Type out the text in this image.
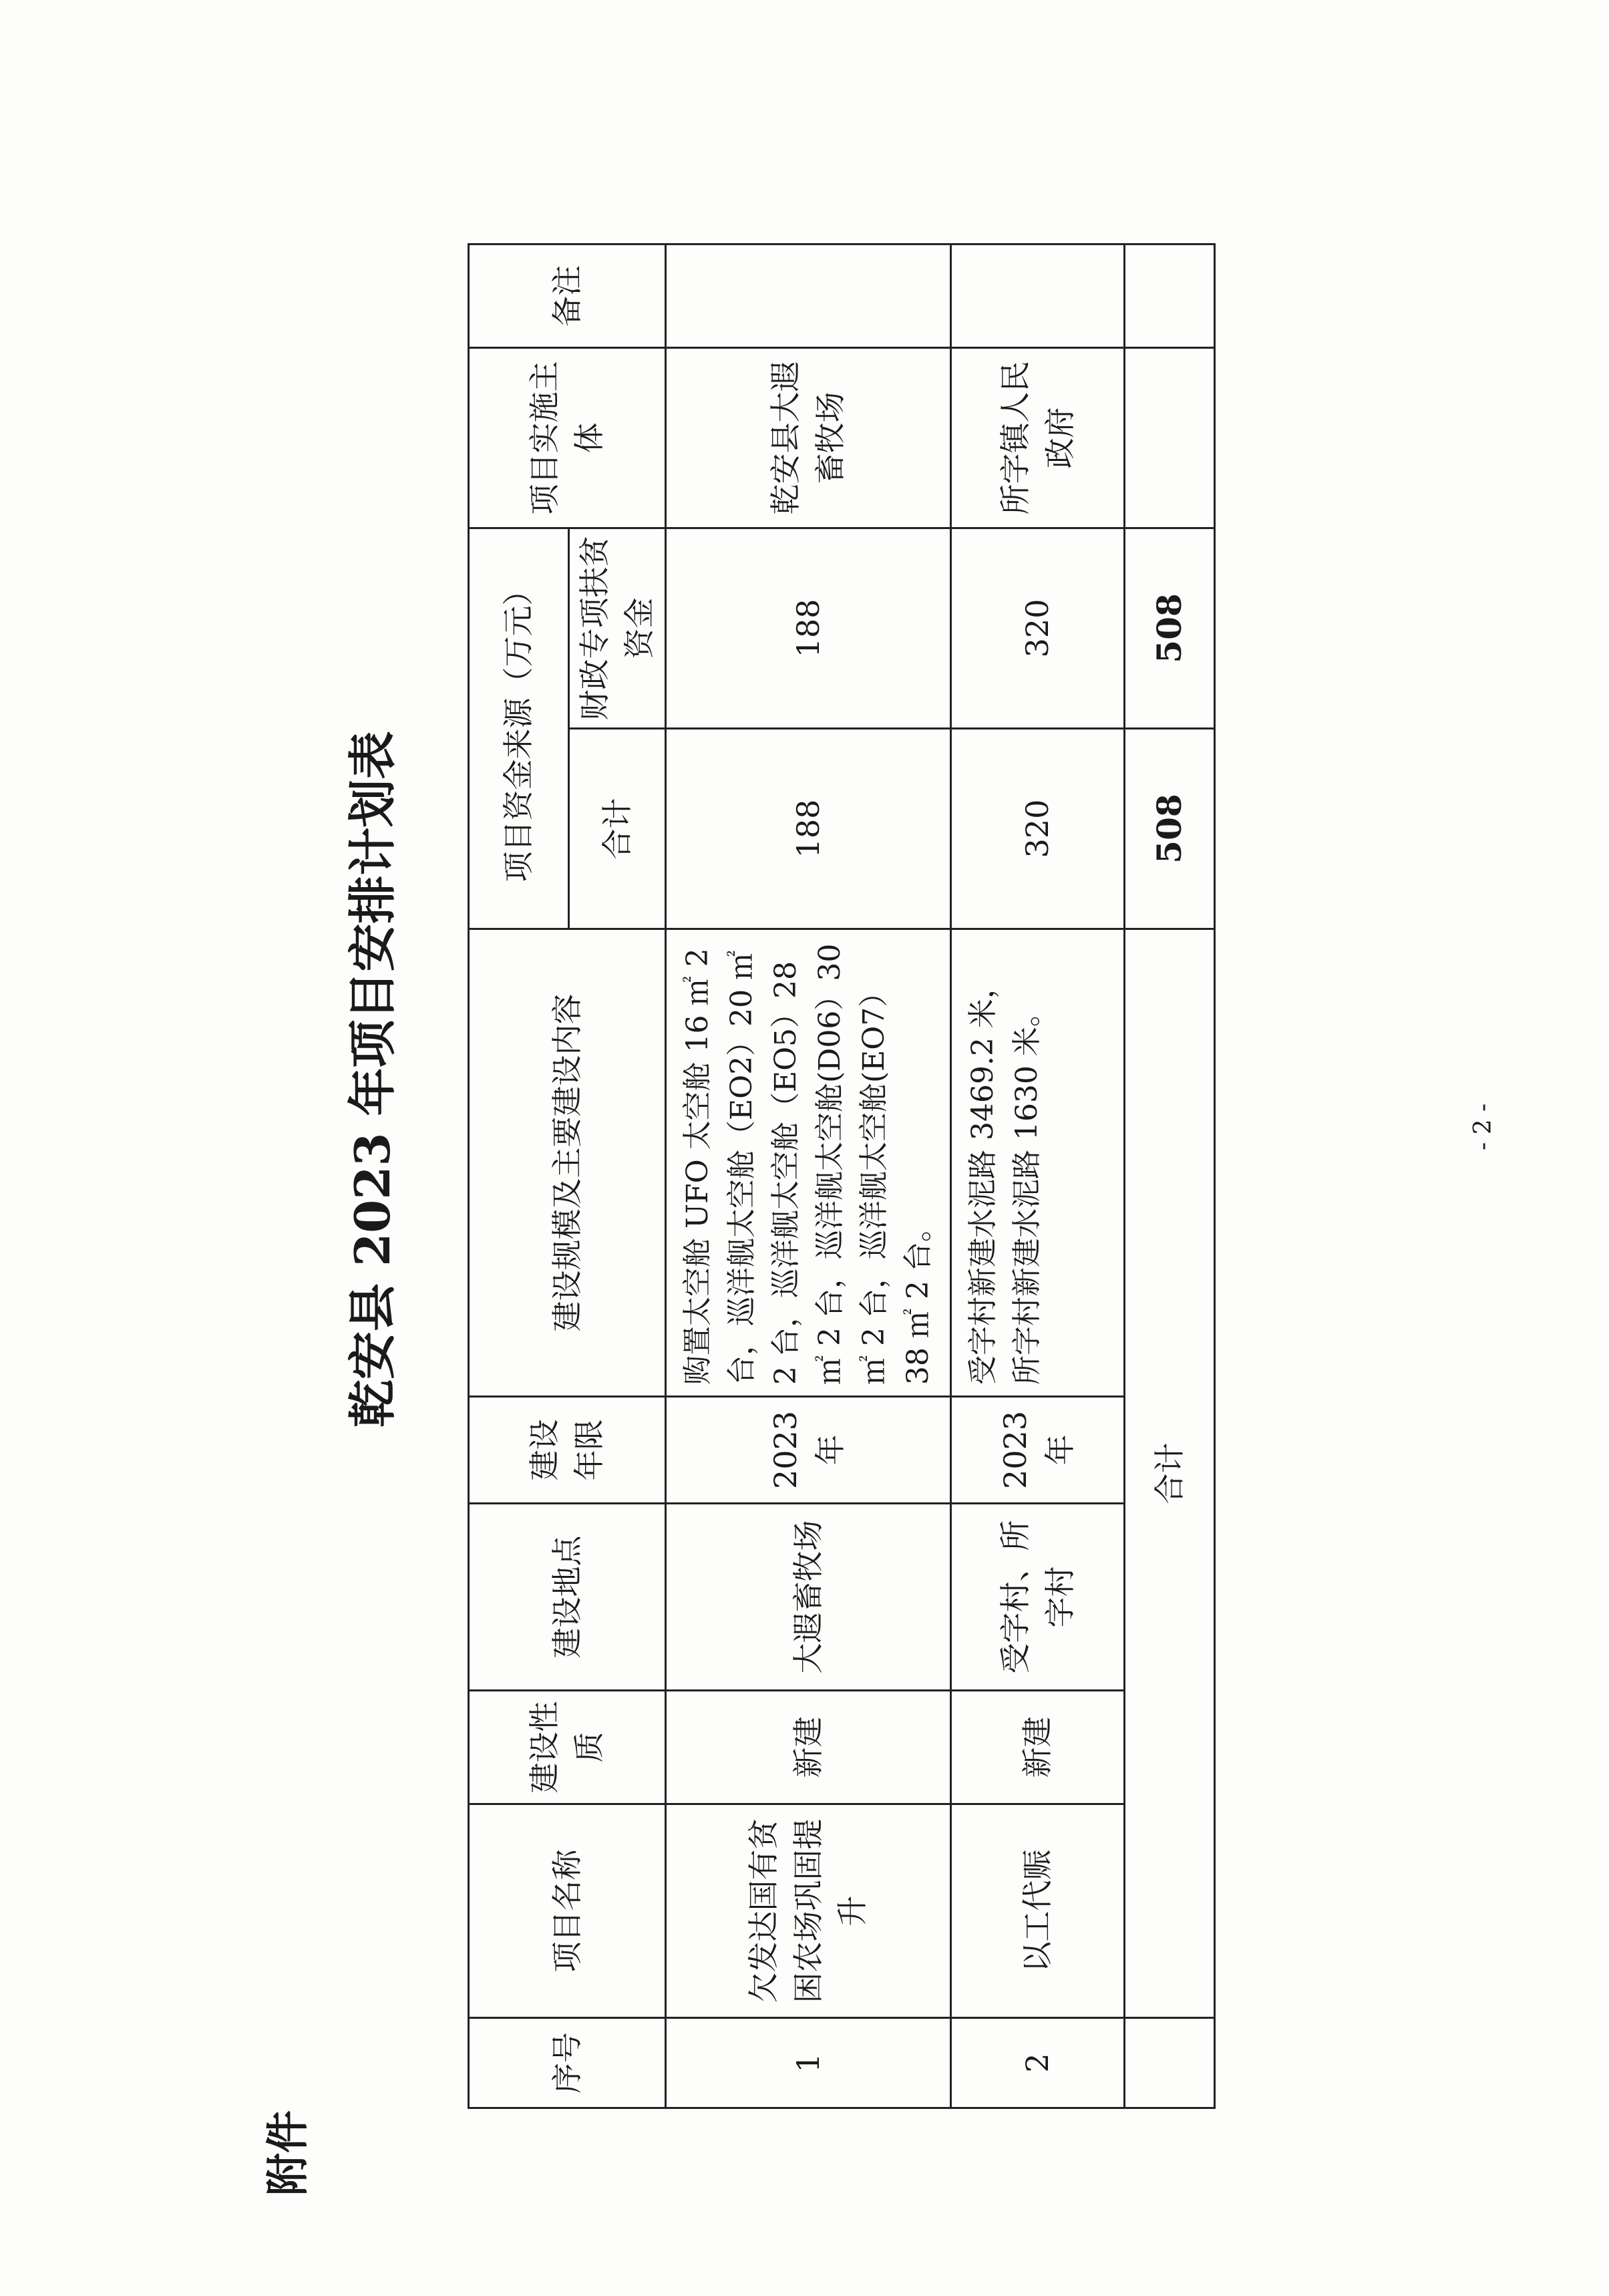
附件
乾安县 2023 年项目安排计划表
序号	项目名称	建设性质	建设地点	建设年限	建设规模及主要建设内容	项目资金来源（万元）		项目实施主体	备注
						合计	财政专项扶贫资金		
1	欠发达国有贫困农场巩固提升	新建	大遐畜牧场	2023 年	购置太空舱 UFO 太空舱 16 ㎡ 2 台，巡洋舰太空舱（EO2）20 ㎡ 2 台，巡洋舰太空舱（EO5）28 ㎡ 2 台，巡洋舰太空舱(D06）30 ㎡ 2 台，巡洋舰太空舱(EO7）38 ㎡ 2 台。	188	188	乾安县大遐畜牧场	
2	以工代赈	新建	受字村、所字村	2023 年	受字村新建水泥路 3469.2 米，所字村新建水泥路 1630 米。	320	320	所字镇人民政府	
	合计					508	508		
- 2 -
